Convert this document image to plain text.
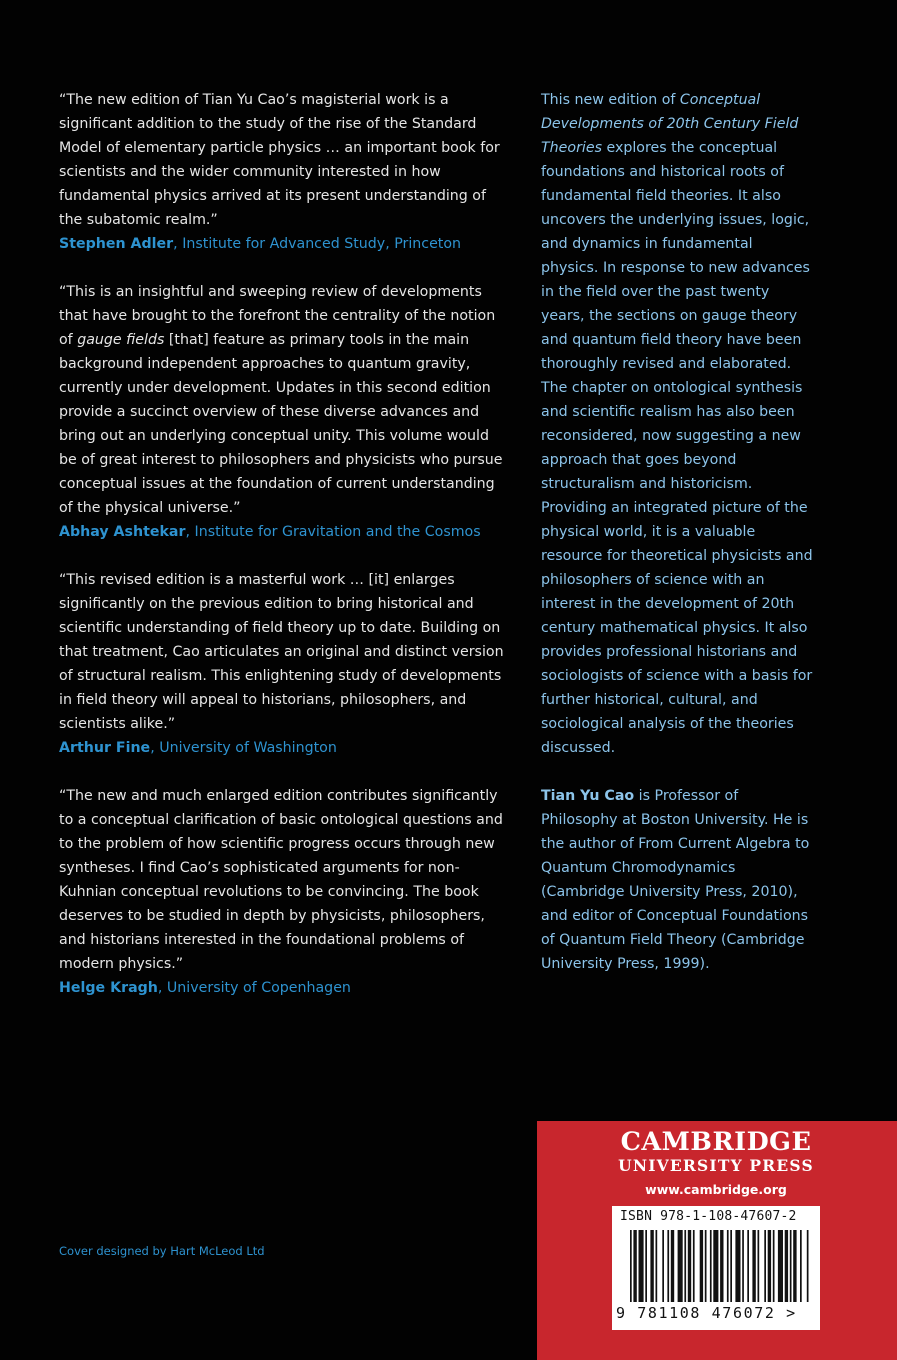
“The new edition of Tian Yu Cao’s magisterial work is a significant addition to the study of the rise of the Standard Model of elementary particle physics … an important book for scientists and the wider community interested in how fundamental physics arrived at its present understanding of the subatomic realm.”

Stephen Adler, Institute for Advanced Study, Princeton

“This is an insightful and sweeping review of developments that have brought to the forefront the centrality of the notion of gauge fields [that] feature as primary tools in the main background independent approaches to quantum gravity, currently under development. Updates in this second edition provide a succinct overview of these diverse advances and bring out an underlying conceptual unity. This volume would be of great interest to philosophers and physicists who pursue conceptual issues at the foundation of current understanding of the physical universe.”

Abhay Ashtekar, Institute for Gravitation and the Cosmos

“This revised edition is a masterful work … [it] enlarges significantly on the previous edition to bring historical and scientific understanding of field theory up to date. Building on that treatment, Cao articulates an original and distinct version of structural realism. This enlightening study of developments in field theory will appeal to historians, philosophers, and scientists alike.”

Arthur Fine, University of Washington

“The new and much enlarged edition contributes significantly to a conceptual clarification of basic ontological questions and to the problem of how scientific progress occurs through new syntheses. I find Cao’s sophisticated arguments for non-Kuhnian conceptual revolutions to be convincing. The book deserves to be studied in depth by physicists, philosophers, and historians interested in the foundational problems of modern physics.”

Helge Kragh, University of Copenhagen

This new edition of Conceptual Developments of 20th Century Field Theories explores the conceptual foundations and historical roots of fundamental field theories. It also uncovers the underlying issues, logic, and dynamics in fundamental physics. In response to new advances in the field over the past twenty years, the sections on gauge theory and quantum field theory have been thoroughly revised and elaborated. The chapter on ontological synthesis and scientific realism has also been reconsidered, now suggesting a new approach that goes beyond structuralism and historicism. Providing an integrated picture of the physical world, it is a valuable resource for theoretical physicists and philosophers of science with an interest in the development of 20th century mathematical physics. It also provides professional historians and sociologists of science with a basis for further historical, cultural, and sociological analysis of the theories discussed.

Tian Yu Cao is Professor of Philosophy at Boston University. He is the author of From Current Algebra to Quantum Chromodynamics (Cambridge University Press, 2010), and editor of Conceptual Foundations of Quantum Field Theory (Cambridge University Press, 1999).

Cover designed by Hart McLeod Ltd
CAMBRIDGE
UNIVERSITY PRESS
www.cambridge.org
ISBN 978-1-108-47607-2
9 781108 476072 >
